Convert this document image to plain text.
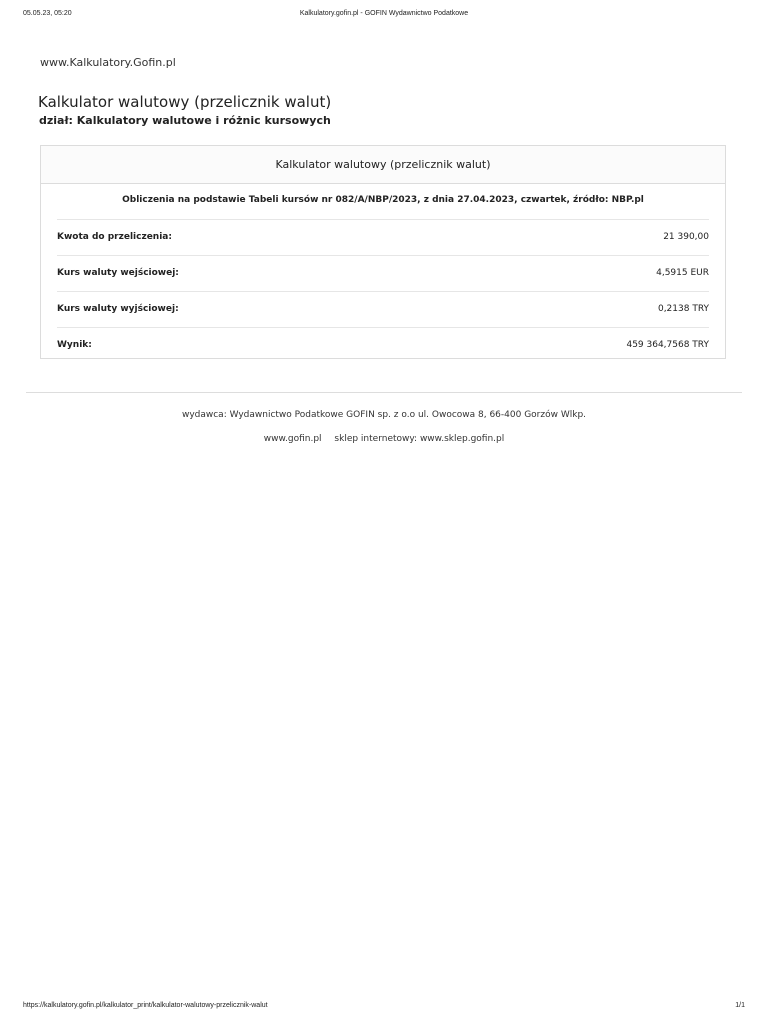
05.05.23, 05:20	Kalkulatory.gofin.pl - GOFIN Wydawnictwo Podatkowe
www.Kalkulatory.Gofin.pl
Kalkulator walutowy (przelicznik walut)
dział: Kalkulatory walutowe i różnic kursowych
Kalkulator walutowy (przelicznik walut)
Obliczenia na podstawie Tabeli kursów nr 082/A/NBP/2023, z dnia 27.04.2023, czwartek, źródło: NBP.pl
Kwota do przeliczenia:	21 390,00
Kurs waluty wejściowej:	4,5915 EUR
Kurs waluty wyjściowej:	0,2138 TRY
Wynik:	459 364,7568 TRY
wydawca: Wydawnictwo Podatkowe GOFIN sp. z o.o ul. Owocowa 8, 66-400 Gorzów Wlkp.
www.gofin.pl sklep internetowy: www.sklep.gofin.pl
https://kalkulatory.gofin.pl/kalkulator_print/kalkulator-walutowy-przelicznik-walut	1/1
